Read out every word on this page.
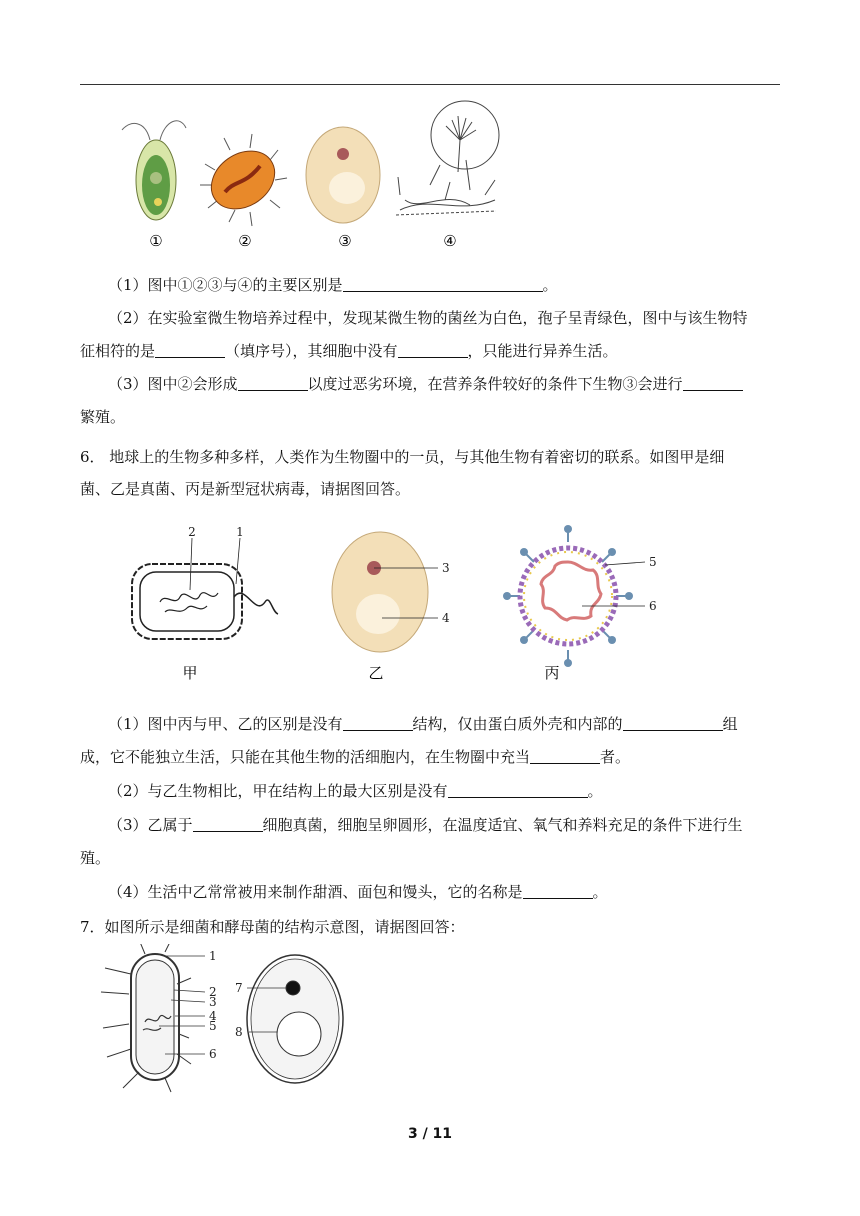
①	②	③	④
（1）图中①②③与④的主要区别是	。
（2）在实验室微生物培养过程中，发现某微生物的菌丝为白色，孢子呈青绿色，图中与该生物特
征相符的是	（填序号），其细胞中没有	，只能进行异养生活。
（3）图中②会形成	以度过恶劣环境，在营养条件较好的条件下生物③会进行
繁殖。
6． 地球上的生物多种多样，人类作为生物圈中的一员，与其他生物有着密切的联系。如图甲是细
菌、乙是真菌、丙是新型冠状病毒，请据图回答。
2	1
甲
3
4
乙
5
6
丙
（1）图中丙与甲、乙的区别是没有	结构，仅由蛋白质外壳和内部的	组
成，它不能独立生活，只能在其他生物的活细胞内，在生物圈中充当	者。
（2）与乙生物相比，甲在结构上的最大区别是没有	。
（3）乙属于	细胞真菌，细胞呈卵圆形，在温度适宜、氧气和养料充足的条件下进行生
殖。
（4）生活中乙常常被用来制作甜酒、面包和馒头，它的名称是	。
7．如图所示是细菌和酵母菌的结构示意图，请据图回答：
1
2
3
4
5
6
7
8
3 / 11
